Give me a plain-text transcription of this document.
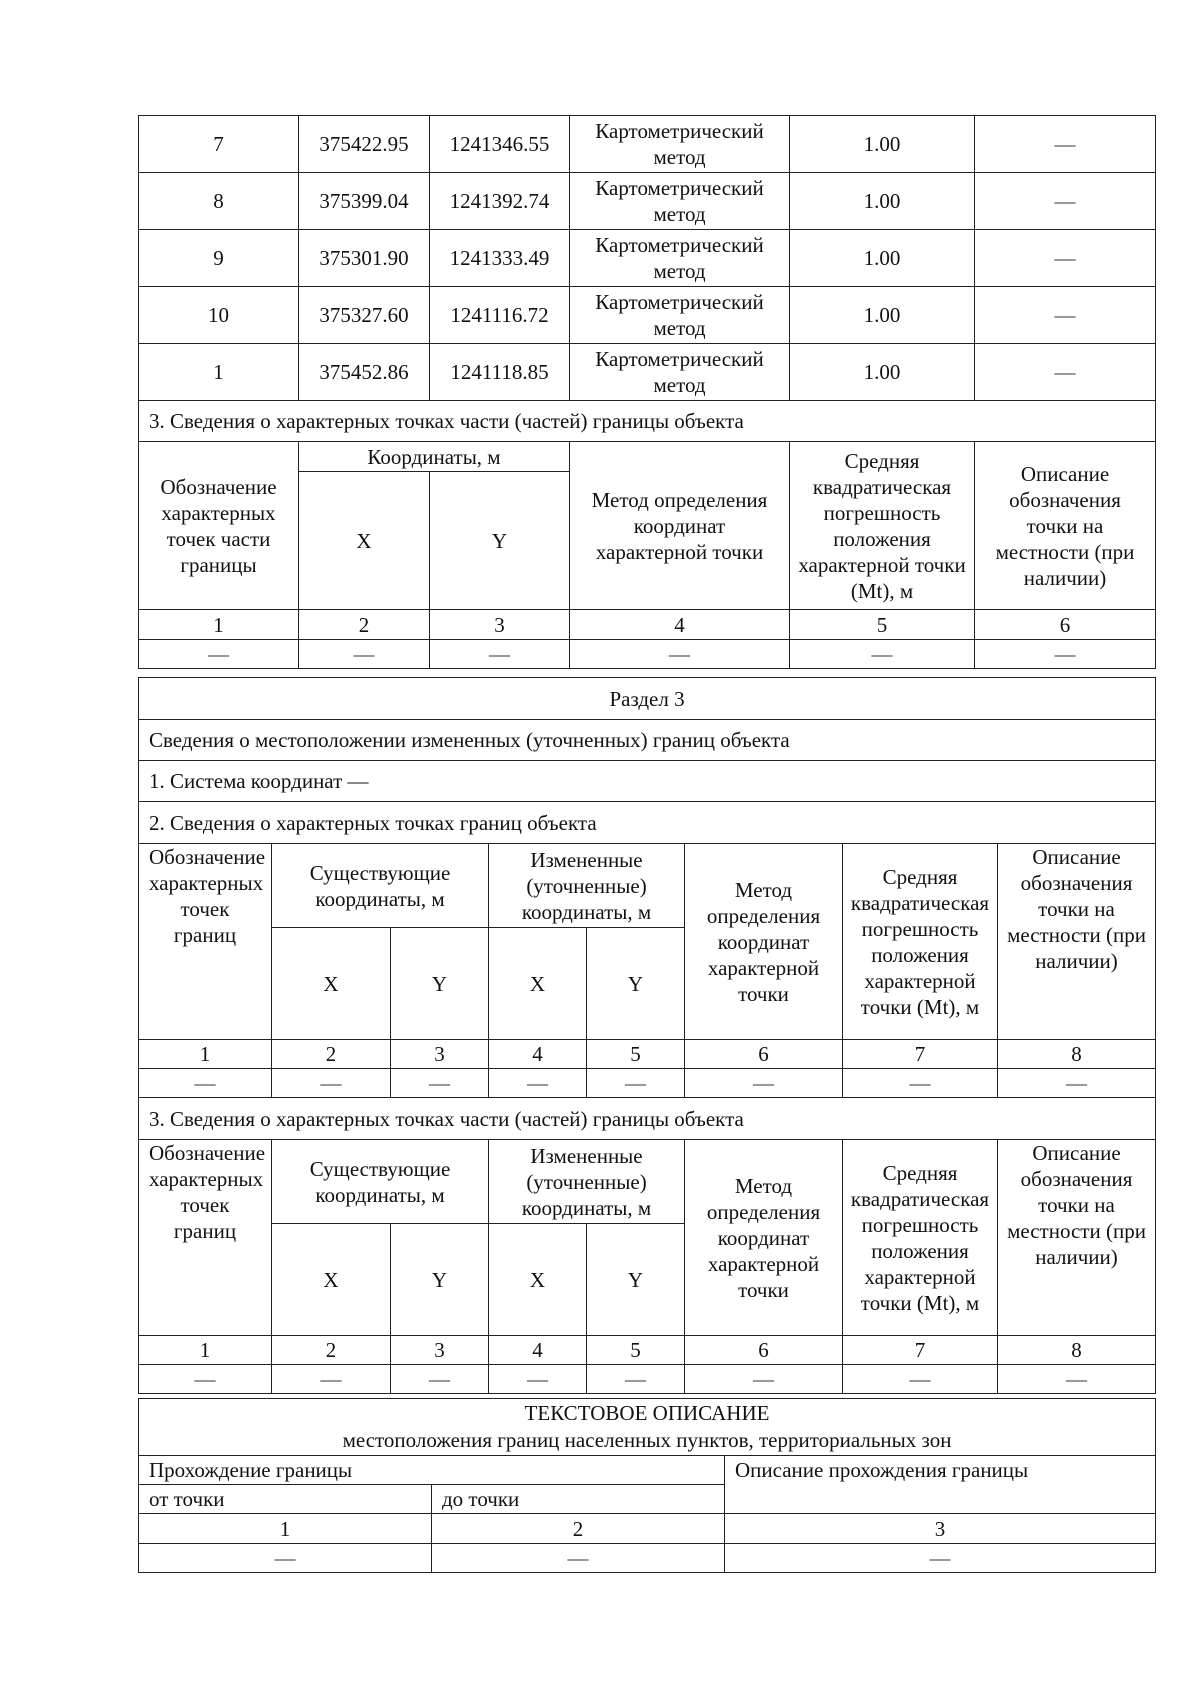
7	375422.95	1241346.55	Картометрический метод	1.00	—
8	375399.04	1241392.74	Картометрический метод	1.00	—
9	375301.90	1241333.49	Картометрический метод	1.00	—
10	375327.60	1241116.72	Картометрический метод	1.00	—
1	375452.86	1241118.85	Картометрический метод	1.00	—
3. Сведения о характерных точках части (частей) границы объекта					
Обозначение характерных точек части границы	Координаты, м		Метод определения координат характерной точки	Средняя квадратическая погрешность положения характерной точки (Mt), м	Описание обозначения точки на местности (при наличии)
	X	Y			
1	2	3	4	5	6
—	—	—	—	—	—
Раздел 3							
Сведения о местоположении измененных (уточненных) границ объекта							
1. Система координат —							
2. Сведения о характерных точках границ объекта							
Обозначение характерных точек границ	Существующие координаты, м		Измененные (уточненные) координаты, м		Метод определения координат характерной точки	Средняя квадратическая погрешность положения характерной точки (Mt), м	Описание обозначения точки на местности (при наличии)
	X	Y	X	Y			
1	2	3	4	5	6	7	8
—	—	—	—	—	—	—	—
3. Сведения о характерных точках части (частей) границы объекта							
Обозначение характерных точек границ	Существующие координаты, м		Измененные (уточненные) координаты, м		Метод определения координат характерной точки	Средняя квадратическая погрешность положения характерной точки (Mt), м	Описание обозначения точки на местности (при наличии)
	X	Y	X	Y			
1	2	3	4	5	6	7	8
—	—	—	—	—	—	—	—
ТЕКСТОВОЕ ОПИСАНИЕ
местоположения границ населенных пунктов, территориальных зон		

Прохождение границы		Описание прохождения границы
от точки	до точки	
1	2	3
—	—	—
